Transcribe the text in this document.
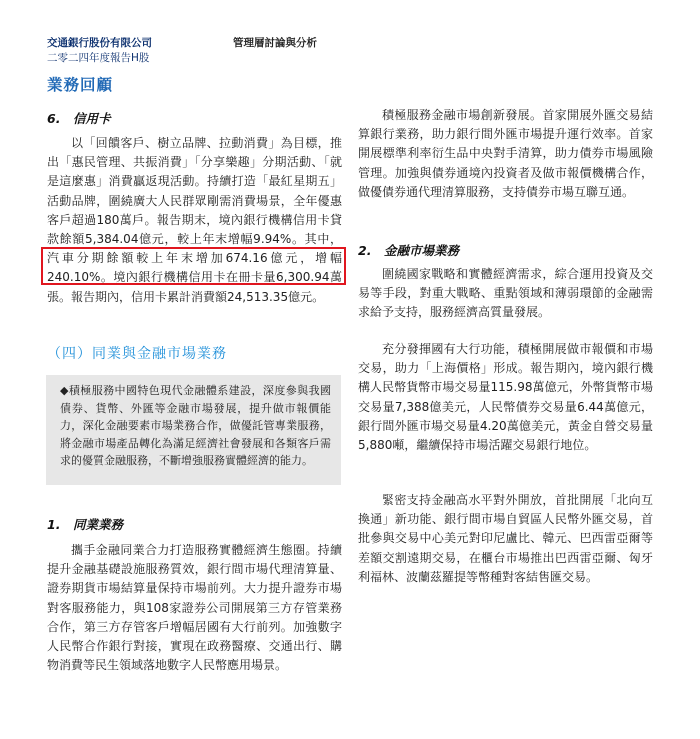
交通銀行股份有限公司
二零二四年度報告H股
管理層討論與分析
業務回顧
6. 信用卡

以「回饋客戶、樹立品牌、拉動消費」為目標，推出「惠民管理、共振消費」「分享樂趣」分期活動、「就是這麼惠」消費贏返現活動。持續打造「最紅星期五」活動品牌，圍繞廣大人民群眾剛需消費場景，全年優惠客戶超過180萬戶。報告期末，境內銀行機構信用卡貸款餘額5,384.04億元，較上年末增幅9.94%。其中，汽車分期餘額較上年末增加674.16億元，增幅240.10%。境內銀行機構信用卡在冊卡量6,300.94萬張。報告期內，信用卡累計消費額24,513.35億元。

（四）同業與金融市場業務
◆積極服務中國特色現代金融體系建設，深度參與我國債券、貨幣、外匯等金融市場發展，提升做市報價能力，深化金融要素市場業務合作，做優託管專業服務，將金融市場產品轉化為滿足經濟社會發展和各類客戶需求的優質金融服務，不斷增強服務實體經濟的能力。
1. 同業業務

攜手金融同業合力打造服務實體經濟生態圈。持續提升金融基礎設施服務質效，銀行間市場代理清算量、證券期貨市場結算量保持市場前列。大力提升證券市場對客服務能力，與108家證券公司開展第三方存管業務合作，第三方存管客戶增幅居國有大行前列。加強數字人民幣合作銀行對接，實現在政務醫療、交通出行、購物消費等民生領域落地數字人民幣應用場景。

積極服務金融市場創新發展。首家開展外匯交易結算銀行業務，助力銀行間外匯市場提升運行效率。首家開展標準利率衍生品中央對手清算，助力債券市場風險管理。加強與債券通境內投資者及做市報價機構合作，做優債券通代理清算服務，支持債券市場互聯互通。

2. 金融市場業務

圍繞國家戰略和實體經濟需求，綜合運用投資及交易等手段，對重大戰略、重點領域和薄弱環節的金融需求給予支持，服務經濟高質量發展。

充分發揮國有大行功能，積極開展做市報價和市場交易，助力「上海價格」形成。報告期內，境內銀行機構人民幣貨幣市場交易量115.98萬億元，外幣貨幣市場交易量7,388億美元，人民幣債券交易量6.44萬億元，銀行間外匯市場交易量4.20萬億美元，黃金自營交易量5,880噸，繼續保持市場活躍交易銀行地位。

緊密支持金融高水平對外開放，首批開展「北向互換通」新功能、銀行間市場自貿區人民幣外匯交易，首批參與交易中心美元對印尼盧比、韓元、巴西雷亞爾等差額交割遠期交易，在櫃台市場推出巴西雷亞爾、匈牙利福林、波蘭茲羅提等幣種對客結售匯交易。
